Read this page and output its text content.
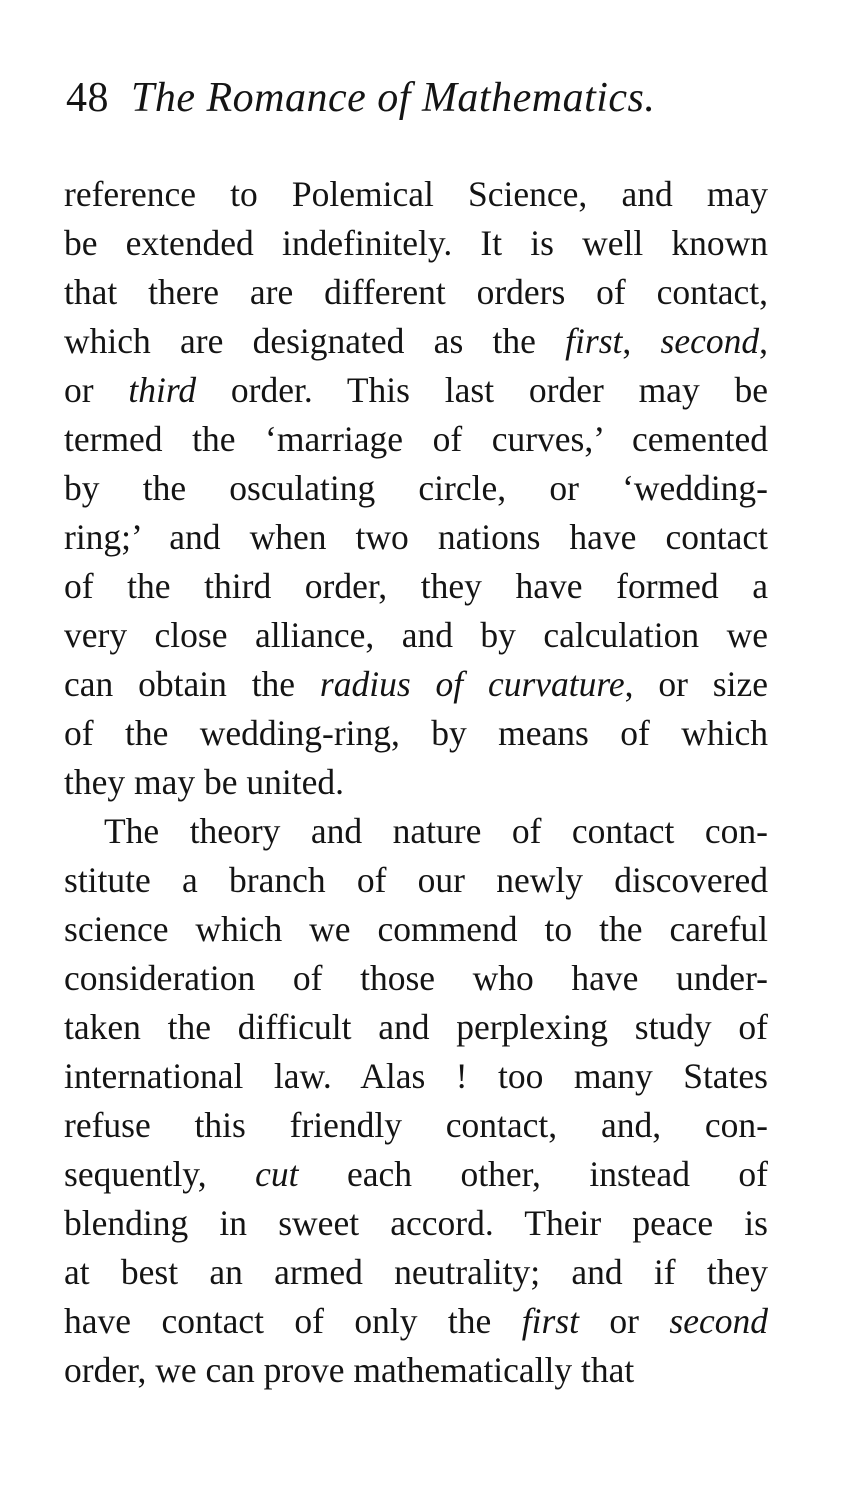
48 The Romance of Mathematics.
reference to Polemical Science, and may
be extended indefinitely. It is well known
that there are different orders of contact,
which are designated as the first, second,
or third order. This last order may be
termed the ‘marriage of curves,’ cemented
by the osculating circle, or ‘wedding-
ring;’ and when two nations have contact
of the third order, they have formed a
very close alliance, and by calculation we
can obtain the radius of curvature, or size
of the wedding-ring, by means of which
they may be united.
The theory and nature of contact con-
stitute a branch of our newly discovered
science which we commend to the careful
consideration of those who have under-
taken the difficult and perplexing study of
international law. Alas ! too many States
refuse this friendly contact, and, con-
sequently, cut each other, instead of
blending in sweet accord. Their peace is
at best an armed neutrality; and if they
have contact of only the first or second
order, we can prove mathematically that
